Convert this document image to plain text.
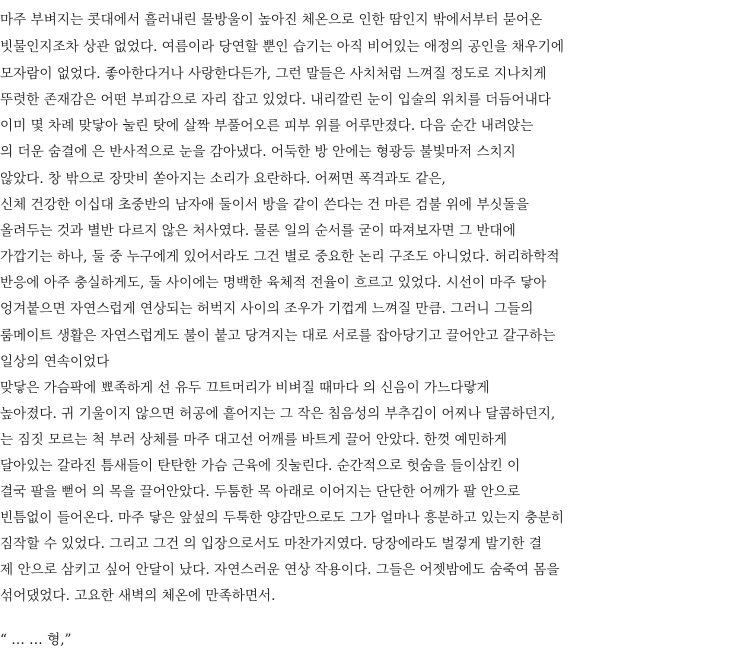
마주 부벼지는 콧대에서 흘러내린 물방울이 높아진 체온으로 인한 땀인지 밖에서부터 묻어온
빗물인지조차 상관 없었다. 여름이라 당연할 뿐인 습기는 아직 비어있는 애정의 공인을 채우기에
모자람이 없었다. 좋아한다거나 사랑한다든가, 그런 말들은 사치처럼 느껴질 정도로 지나치게
뚜렷한 존재감은 어떤 부피감으로 자리 잡고 있었다. 내리깔린 눈이 입술의 위치를 더듬어내다
이미 몇 차례 맞닿아 눌린 탓에 살짝 부풀어오른 피부 위를 어루만졌다. 다음 순간 내려앉는
의 더운 숨결에 은 반사적으로 눈을 감아냈다. 어둑한 방 안에는 형광등 불빛마저 스치지
않았다. 창 밖으로 장맛비 쏟아지는 소리가 요란하다. 어쩌면 폭격과도 같은,
신체 건강한 이십대 초중반의 남자애 둘이서 방을 같이 쓴다는 건 마른 검불 위에 부싯돌을
올려두는 것과 별반 다르지 않은 처사였다. 물론 일의 순서를 굳이 따져보자면 그 반대에
가깝기는 하나, 둘 중 누구에게 있어서라도 그건 별로 중요한 논리 구조도 아니었다. 허리하학적
반응에 아주 충실하게도, 둘 사이에는 명백한 육체적 전율이 흐르고 있었다. 시선이 마주 닿아
엉겨붙으면 자연스럽게 연상되는 허벅지 사이의 조우가 기껍게 느껴질 만큼. 그러니 그들의
룸메이트 생활은 자연스럽게도 불이 붙고 당겨지는 대로 서로를 잡아당기고 끌어안고 갈구하는
일상의 연속이었다
맞닿은 가슴팍에 뾰족하게 선 유두 끄트머리가 비벼질 때마다 의 신음이 가느다랗게
높아졌다. 귀 기울이지 않으면 허공에 흩어지는 그 작은 침음성의 부추김이 어찌나 달콤하던지,
는 짐짓 모르는 척 부러 상체를 마주 대고선 어깨를 바트게 끌어 안았다. 한껏 예민하게
달아있는 갈라진 틈새들이 탄탄한 가슴 근육에 짓눌린다. 순간적으로 헛숨을 들이삼킨 이
결국 팔을 뻗어 의 목을 끌어안았다. 두툼한 목 아래로 이어지는 단단한 어깨가 팔 안으로
빈틈없이 들어온다. 마주 닿은 앞섶의 두툭한 양감만으로도 그가 얼마나 흥분하고 있는지 충분히
짐작할 수 있었다. 그리고 그건 의 입장으로서도 마찬가지였다. 당장에라도 벌겋게 발기한 결
제 안으로 삼키고 싶어 안달이 났다. 자연스러운 연상 작용이다. 그들은 어젯밤에도 숨죽여 몸을
섞어댔었다. 고요한 새벽의 체온에 만족하면서.
“ … … 형,”
